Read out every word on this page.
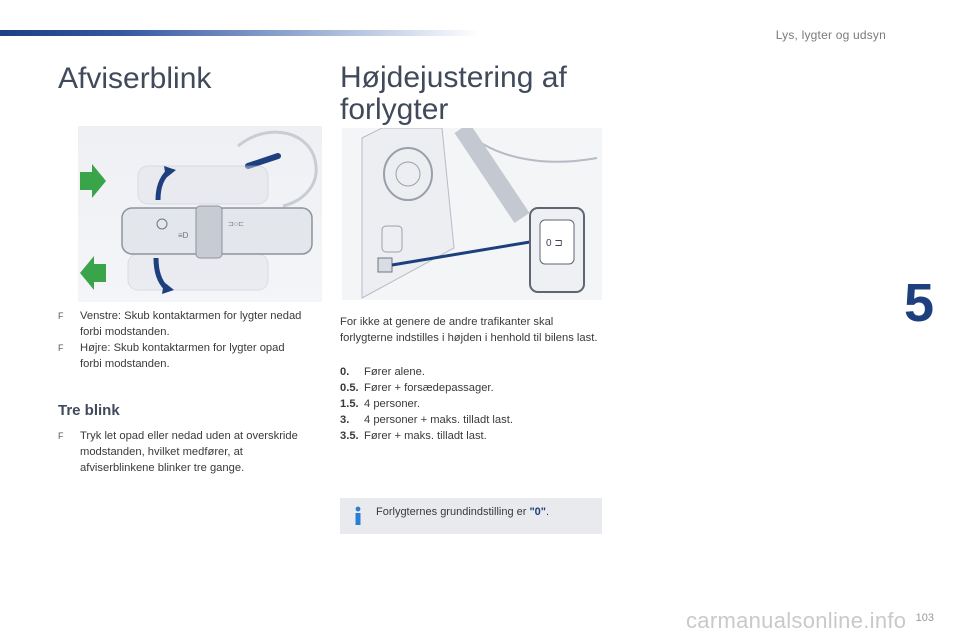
Lys, lygter og udsyn
5
103
Afviserblink	Højdejustering af forlygter
≡D
⊐○⊏
0 ⊐
F Venstre: Skub kontaktarmen for lygter nedad forbi modstanden.
F Højre: Skub kontaktarmen for lygter opad forbi modstanden.
Tre blink
F Tryk let opad eller nedad uden at overskride modstanden, hvilket medfører, at afviserblinkene blinker tre gange.
For ikke at genere de andre trafikanter skal forlygterne indstilles i højden i henhold til bilens last.
0.	Fører alene.
0.5. Fører + forsædepassager.
1.5. 4 personer.
3.	4 personer + maks. tilladt last.
3.5. Fører + maks. tilladt last.
Forlygternes grundindstilling er "0".
carmanualsonline.info
